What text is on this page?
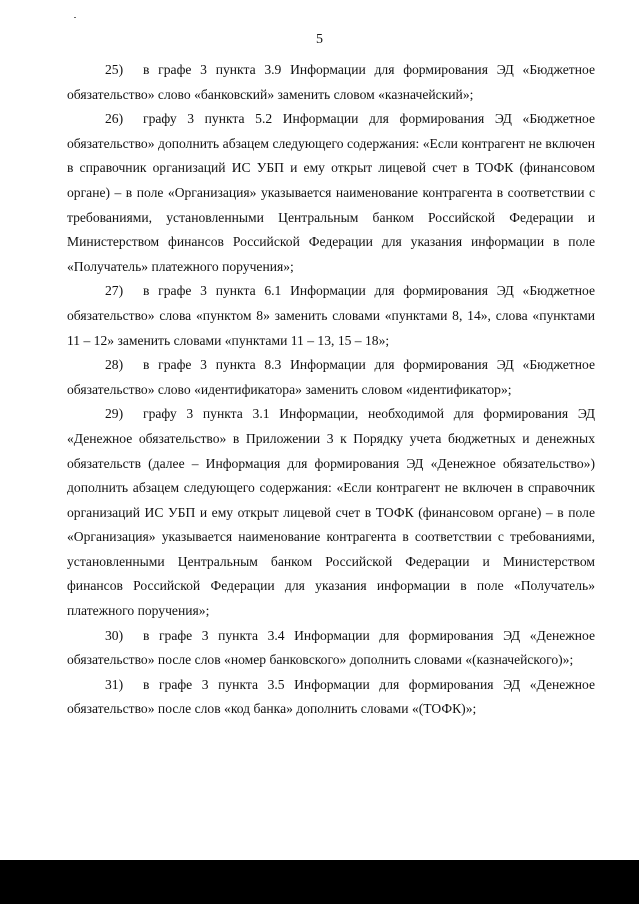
5

25) в графе 3 пункта 3.9 Информации для формирования ЭД «Бюджетное обязательство» слово «банковский» заменить словом «казначейский»;

26) графу 3 пункта 5.2 Информации для формирования ЭД «Бюджетное обязательство» дополнить абзацем следующего содержания: «Если контрагент не включен в справочник организаций ИС УБП и ему открыт лицевой счет в ТОФК (финансовом органе) – в поле «Организация» указывается наименование контрагента в соответствии с требованиями, установленными Центральным банком Российской Федерации и Министерством финансов Российской Федерации для указания информации в поле «Получатель» платежного поручения»;

27) в графе 3 пункта 6.1 Информации для формирования ЭД «Бюджетное обязательство» слова «пунктом 8» заменить словами «пунктами 8, 14», слова «пунктами 11 – 12» заменить словами «пунктами 11 – 13, 15 – 18»;

28) в графе 3 пункта 8.3 Информации для формирования ЭД «Бюджетное обязательство» слово «идентификатора» заменить словом «идентификатор»;

29) графу 3 пункта 3.1 Информации, необходимой для формирования ЭД «Денежное обязательство» в Приложении 3 к Порядку учета бюджетных и денежных обязательств (далее – Информация для формирования ЭД «Денежное обязательство») дополнить абзацем следующего содержания: «Если контрагент не включен в справочник организаций ИС УБП и ему открыт лицевой счет в ТОФК (финансовом органе) – в поле «Организация» указывается наименование контрагента в соответствии с требованиями, установленными Центральным банком Российской Федерации и Министерством финансов Российской Федерации для указания информации в поле «Получатель» платежного поручения»;

30) в графе 3 пункта 3.4 Информации для формирования ЭД «Денежное обязательство» после слов «номер банковского» дополнить словами «(казначейского)»;

31) в графе 3 пункта 3.5 Информации для формирования ЭД «Денежное обязательство» после слов «код банка» дополнить словами «(ТОФК)»;
